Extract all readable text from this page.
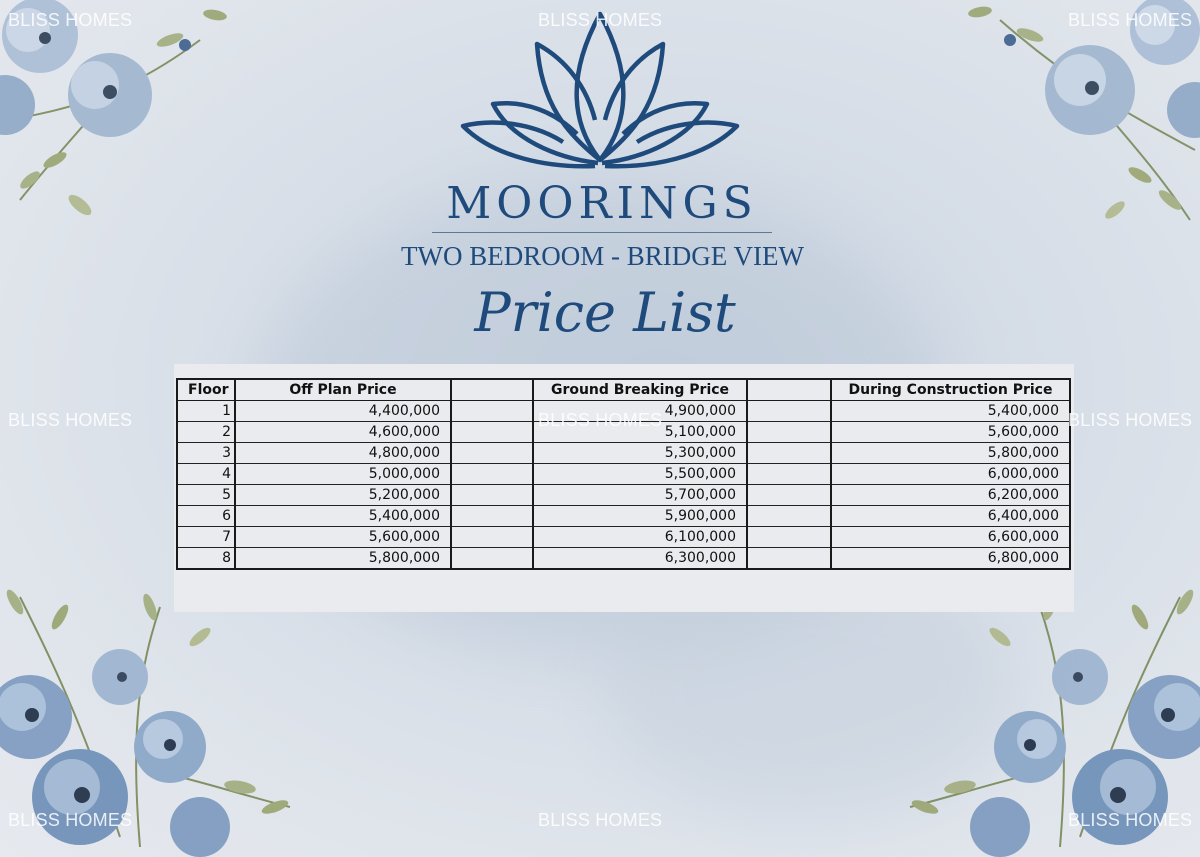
MOORINGS
TWO BEDROOM - BRIDGE VIEW
Price List
Floor	Off Plan Price		Ground Breaking Price		During Construction Price
1	4,400,000		4,900,000		5,400,000
2	4,600,000		5,100,000		5,600,000
3	4,800,000		5,300,000		5,800,000
4	5,000,000		5,500,000		6,000,000
5	5,200,000		5,700,000		6,200,000
6	5,400,000		5,900,000		6,400,000
7	5,600,000		6,100,000		6,600,000
8	5,800,000		6,300,000		6,800,000
BLISS HOMES	BLISS HOMES	BLISS HOMES
BLISS HOMES	BLISS HOMES	BLISS HOMES
BLISS HOMES	BLISS HOMES	BLISS HOMES
